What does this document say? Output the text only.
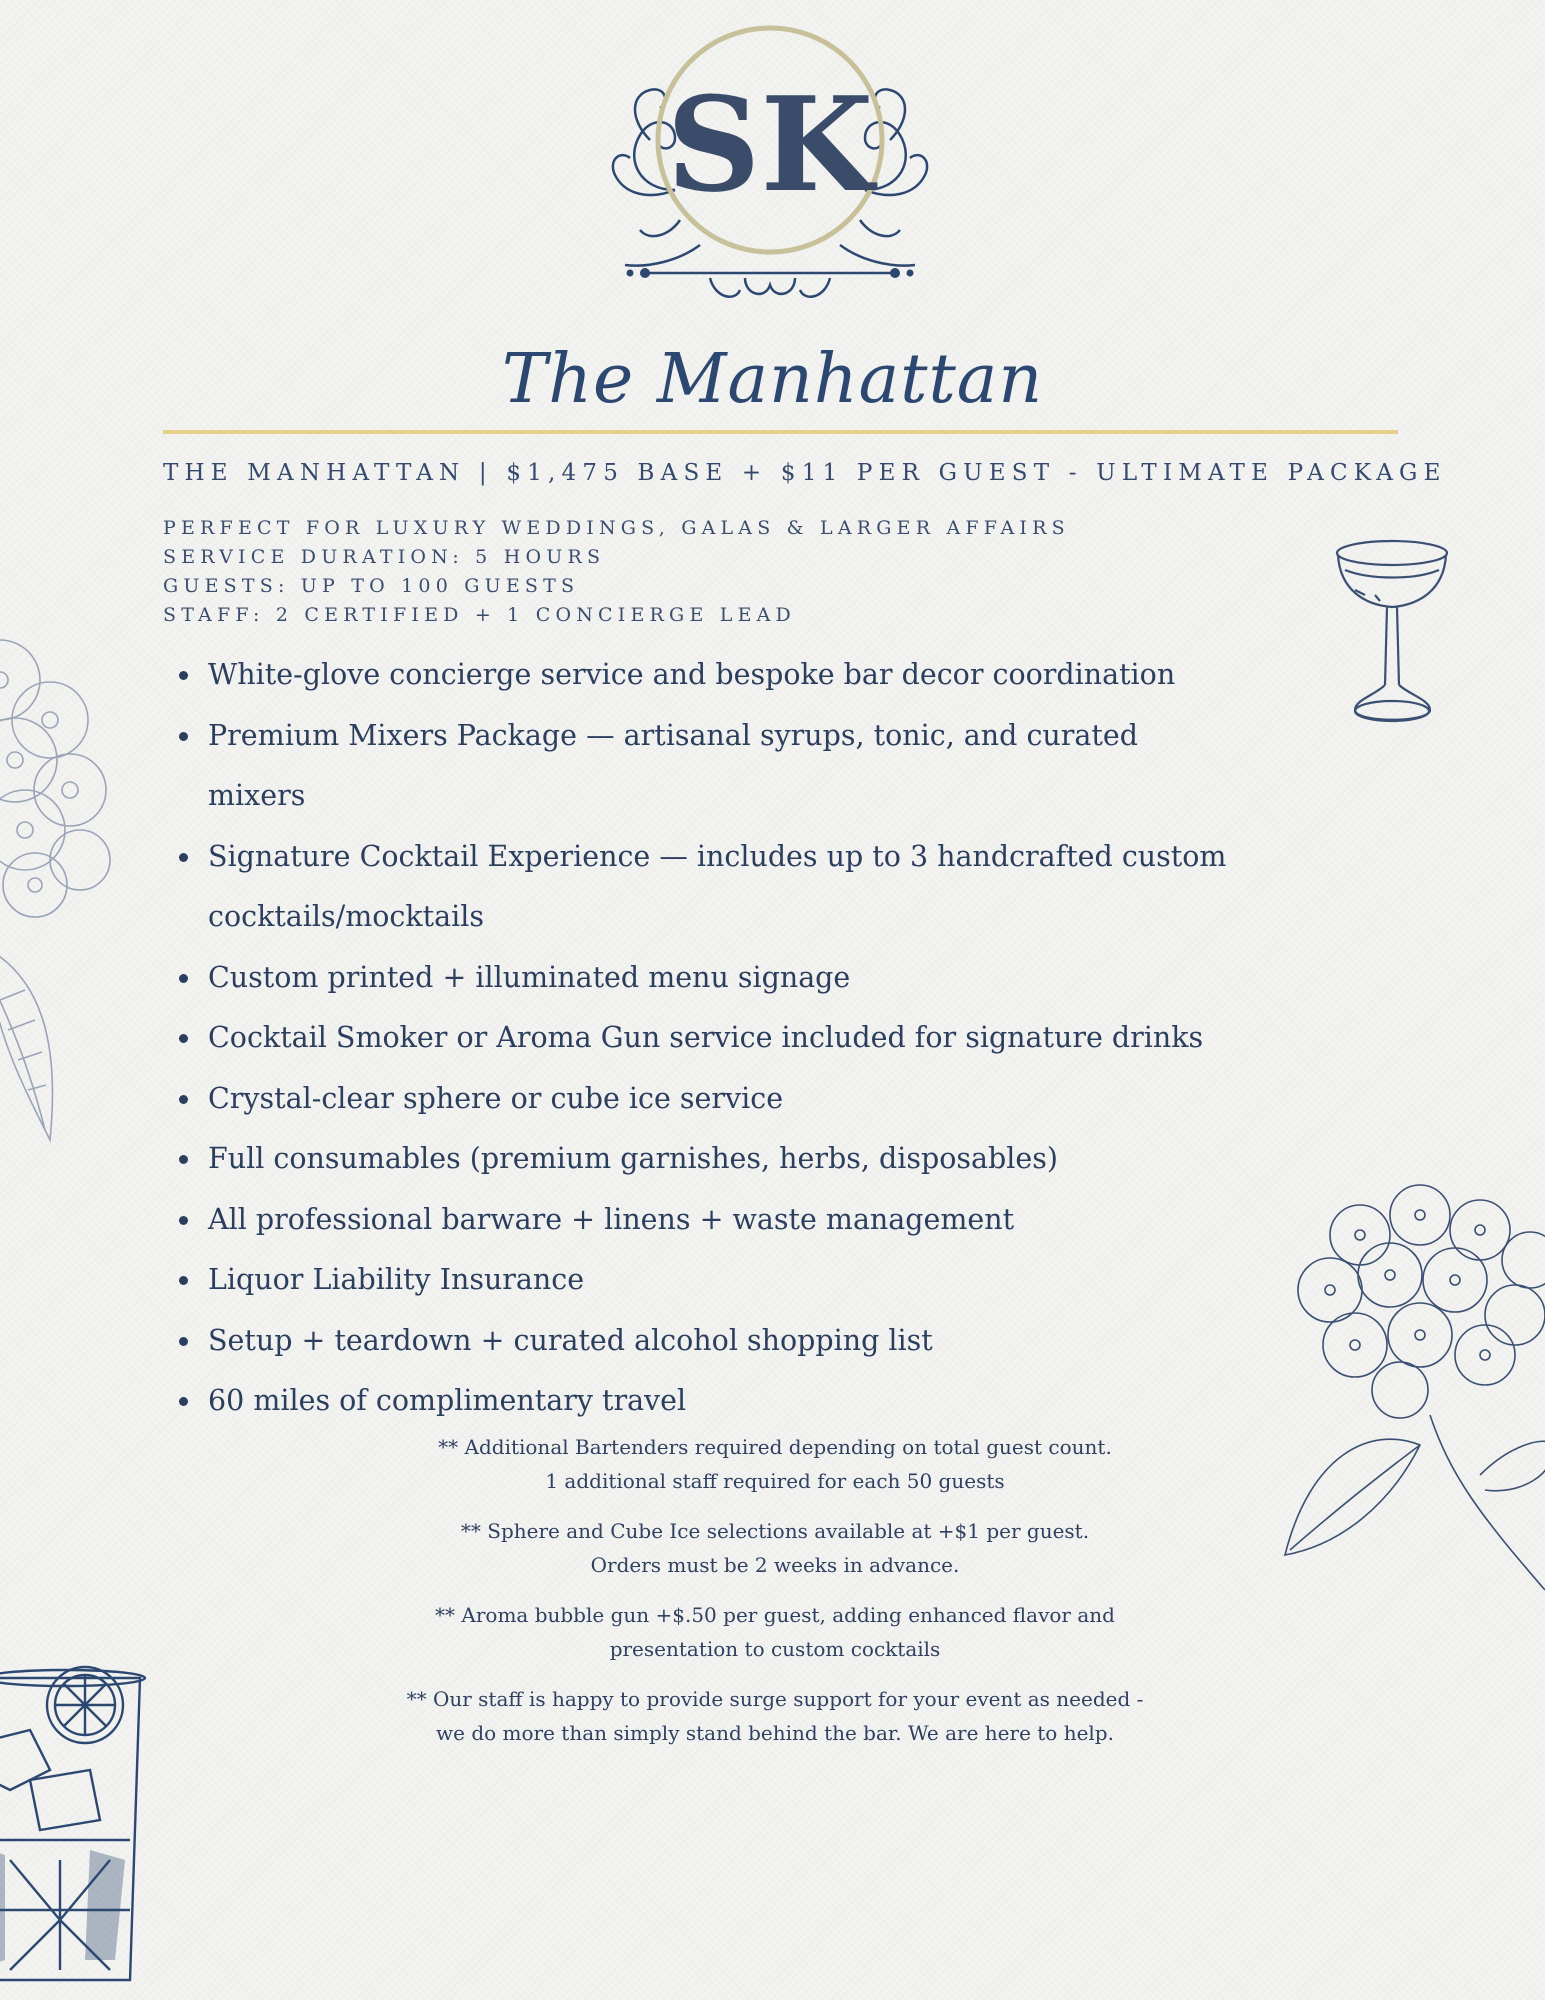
SK
The Manhattan
THE MANHATTAN | $1,475 BASE + $11 PER GUEST - ULTIMATE PACKAGE
PERFECT FOR LUXURY WEDDINGS, GALAS & LARGER AFFAIRS
SERVICE DURATION: 5 HOURS
GUESTS: UP TO 100 GUESTS
STAFF: 2 CERTIFIED + 1 CONCIERGE LEAD
White-glove concierge service and bespoke bar decor coordination
Premium Mixers Package — artisanal syrups, tonic, and curated mixers
Signature Cocktail Experience — includes up to 3 handcrafted custom
cocktails/mocktails
Custom printed + illuminated menu signage
Cocktail Smoker or Aroma Gun service included for signature drinks
Crystal-clear sphere or cube ice service
Full consumables (premium garnishes, herbs, disposables)
All professional barware + linens + waste management
Liquor Liability Insurance
Setup + teardown + curated alcohol shopping list
60 miles of complimentary travel
** Additional Bartenders required depending on total guest count.
1 additional staff required for each 50 guests
** Sphere and Cube Ice selections available at +$1 per guest.
Orders must be 2 weeks in advance.
** Aroma bubble gun +$.50 per guest, adding enhanced flavor and
presentation to custom cocktails
** Our staff is happy to provide surge support for your event as needed -
we do more than simply stand behind the bar. We are here to help.
